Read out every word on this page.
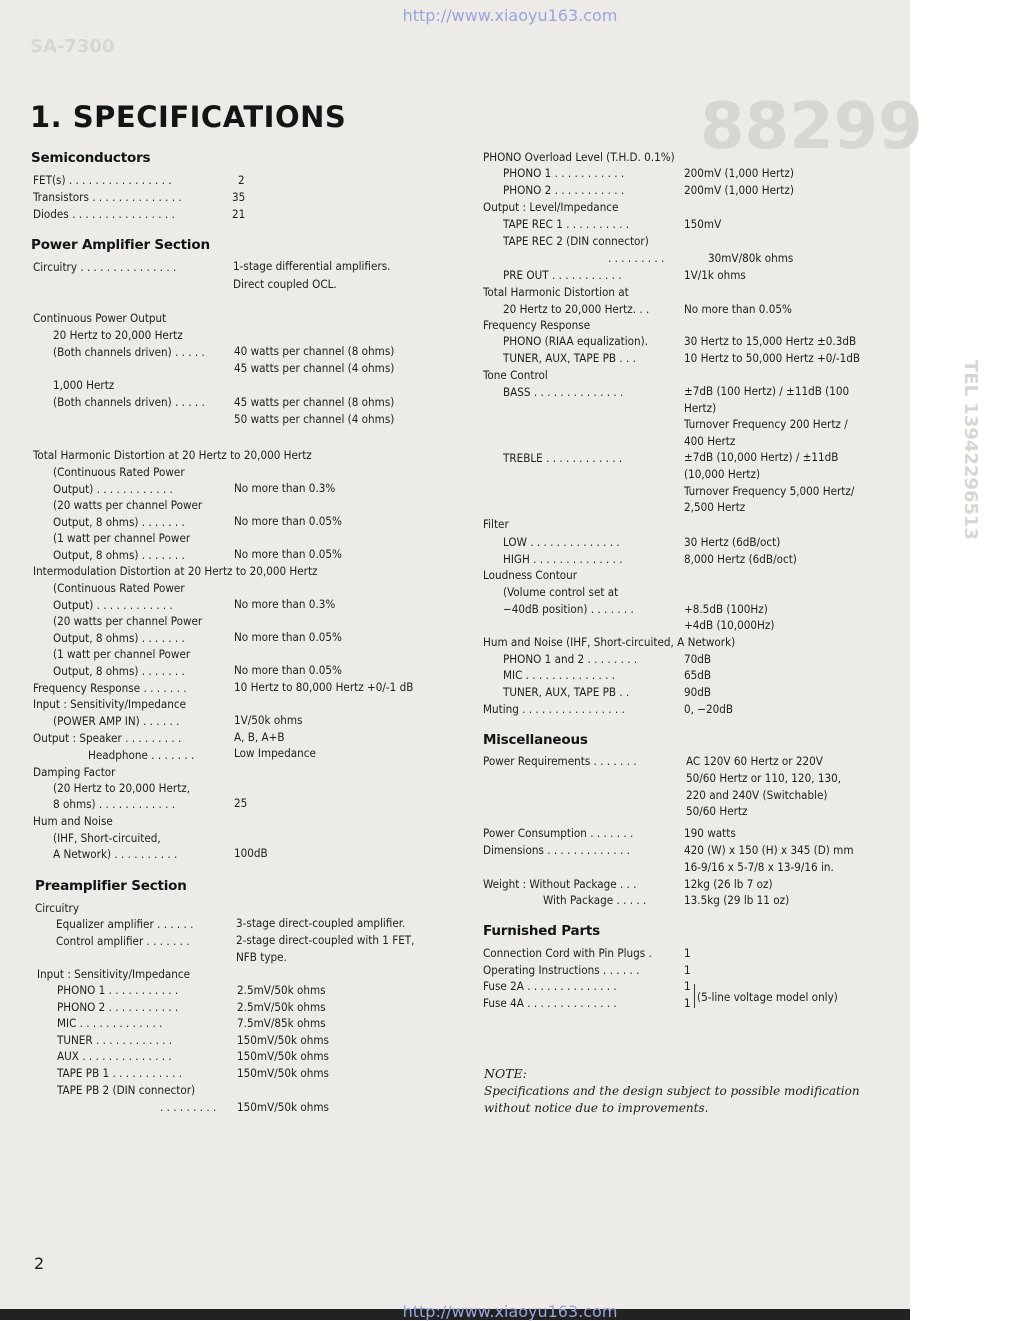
88299
SA-7300
TEL 13942296513
http://www.xiaoyu163.com
1. SPECIFICATIONS
Semiconductors
FET(s) . . . . . . . . . . . . . . . .	2
Transistors . . . . . . . . . . . . . .	35
Diodes . . . . . . . . . . . . . . . .	21
Power Amplifier Section
Circuitry . . . . . . . . . . . . . . .	1-stage differential amplifiers.
Direct coupled OCL.
Continuous Power Output
20 Hertz to 20,000 Hertz
(Both channels driven) . . . . .	40 watts per channel (8 ohms)
45 watts per channel (4 ohms)
1,000 Hertz
(Both channels driven) . . . . .	45 watts per channel (8 ohms)
50 watts per channel (4 ohms)
Total Harmonic Distortion at 20 Hertz to 20,000 Hertz
(Continuous Rated Power
Output) . . . . . . . . . . . .	No more than 0.3%
(20 watts per channel Power
Output, 8 ohms) . . . . . . .	No more than 0.05%
(1 watt per channel Power
Output, 8 ohms) . . . . . . .	No more than 0.05%
Intermodulation Distortion at 20 Hertz to 20,000 Hertz
(Continuous Rated Power
Output) . . . . . . . . . . . .	No more than 0.3%
(20 watts per channel Power
Output, 8 ohms) . . . . . . .	No more than 0.05%
(1 watt per channel Power
Output, 8 ohms) . . . . . . .	No more than 0.05%
Frequency Response . . . . . . .	10 Hertz to 80,000 Hertz +0/-1 dB
Input : Sensitivity/Impedance
(POWER AMP IN) . . . . . .	1V/50k ohms
Output : Speaker . . . . . . . . .	A, B, A+B
Headphone . . . . . . .	Low Impedance
Damping Factor
(20 Hertz to 20,000 Hertz,
8 ohms) . . . . . . . . . . . .	25
Hum and Noise
(IHF, Short-circuited,
A Network) . . . . . . . . . .	100dB
Preamplifier Section
Circuitry
Equalizer amplifier . . . . . .	3-stage direct-coupled amplifier.
Control amplifier . . . . . . .	2-stage direct-coupled with 1 FET,
NFB type.
Input : Sensitivity/Impedance
PHONO 1 . . . . . . . . . . .	2.5mV/50k ohms
PHONO 2 . . . . . . . . . . .	2.5mV/50k ohms
MIC . . . . . . . . . . . . .	7.5mV/85k ohms
TUNER . . . . . . . . . . . .	150mV/50k ohms
AUX . . . . . . . . . . . . . .	150mV/50k ohms
TAPE PB 1 . . . . . . . . . . .	150mV/50k ohms
TAPE PB 2 (DIN connector)
. . . . . . . . . 150mV/50k ohms
PHONO Overload Level (T.H.D. 0.1%)
PHONO 1 . . . . . . . . . . .	200mV (1,000 Hertz)
PHONO 2 . . . . . . . . . . .	200mV (1,000 Hertz)
Output : Level/Impedance
TAPE REC 1 . . . . . . . . . .	150mV
TAPE REC 2 (DIN connector)
. . . . . . . . .	30mV/80k ohms
PRE OUT . . . . . . . . . . .	1V/1k ohms
Total Harmonic Distortion at
20 Hertz to 20,000 Hertz. . .	No more than 0.05%
Frequency Response
PHONO (RIAA equalization).	30 Hertz to 15,000 Hertz ±0.3dB
TUNER, AUX, TAPE PB . . .	10 Hertz to 50,000 Hertz +0/-1dB
Tone Control
BASS . . . . . . . . . . . . . .	±7dB (100 Hertz) / ±11dB (100
Hertz)
Turnover Frequency 200 Hertz /
400 Hertz
TREBLE . . . . . . . . . . . .	±7dB (10,000 Hertz) / ±11dB
(10,000 Hertz)
Turnover Frequency 5,000 Hertz/
2,500 Hertz
Filter
LOW . . . . . . . . . . . . . .	30 Hertz (6dB/oct)
HIGH . . . . . . . . . . . . . .	8,000 Hertz (6dB/oct)
Loudness Contour
(Volume control set at
−40dB position) . . . . . . .	+8.5dB (100Hz)
+4dB (10,000Hz)
Hum and Noise (IHF, Short-circuited, A Network)
PHONO 1 and 2 . . . . . . . .	70dB
MIC . . . . . . . . . . . . . .	65dB
TUNER, AUX, TAPE PB . .	90dB
Muting . . . . . . . . . . . . . . . .	0, −20dB
Miscellaneous
Power Requirements . . . . . . .	AC 120V 60 Hertz or 220V
50/60 Hertz or 110, 120, 130,
220 and 240V (Switchable)
50/60 Hertz
Power Consumption . . . . . . .	190 watts
Dimensions . . . . . . . . . . . . .	420 (W) x 150 (H) x 345 (D) mm
16-9/16 x 5-7/8 x 13-9/16 in.
Weight : Without Package . . .	12kg (26 lb 7 oz)
With Package . . . . .	13.5kg (29 lb 11 oz)
Furnished Parts
Connection Cord with Pin Plugs .	1
Operating Instructions . . . . . .	1
Fuse 2A . . . . . . . . . . . . . .	1
Fuse 4A . . . . . . . . . . . . . .	1 (5-line voltage model only)
NOTE:
Specifications and the design subject to possible modification without notice due to improvements.
2
http://www.xiaoyu163.com
